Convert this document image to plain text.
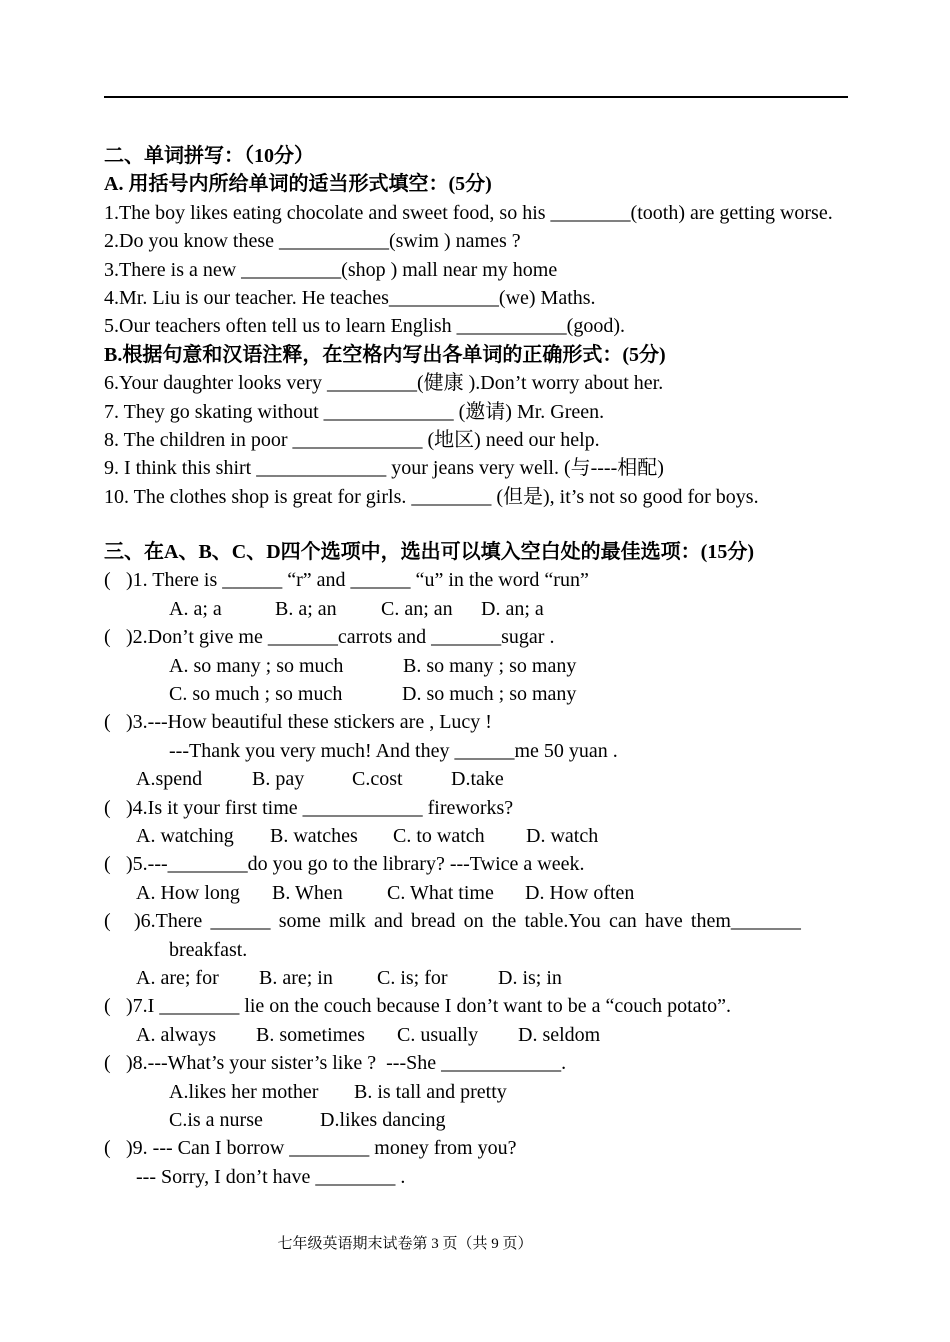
二、单词拼写：（10分）
A. 用括号内所给单词的适当形式填空：(5分)
1.The boy likes eating chocolate and sweet food, so his ________(tooth) are getting worse.
2.Do you know these ___________(swim ) names ?
3.There is a new __________(shop ) mall near my home
4.Mr. Liu is our teacher. He teaches___________(we) Maths.
5.Our teachers often tell us to learn English ___________(good).
B.根据句意和汉语注释，在空格内写出各单词的正确形式：(5分)
6.Your daughter looks very _________(健康 ).Don’t worry about her.
7. They go skating without _____________ (邀请) Mr. Green.
8. The children in poor _____________ (地区) need our help.
9. I think this shirt _____________ your jeans very well. (与----相配)
10. The clothes shop is great for girls. ________ (但是), it’s not so good for boys.
三、在A、B、C、D四个选项中，选出可以填入空白处的最佳选项：(15分)
( )1. There is ______ “r” and ______ “u” in the word “run”
A. a; a	B. a; an C. an; an D. an; a
( )2.Don’t give me _______carrots and _______sugar .
A. so many ; so much	B. so many ; so many
C. so much ; so much	D. so much ; so many
( )3.---How beautiful these stickers are , Lucy !
---Thank you very much! And they ______me 50 yuan .
A.spend B. pay C.cost D.take
( )4.Is it your first time ____________ fireworks?
A. watching B. watches C. to watch D. watch
( )5.---________do you go to the library? ---Twice a week.
A. How long B. When C. What time D. How often
( )6.There ______ some milk and bread on the table.You can have them_______
breakfast.
A. are; for B. are; in C. is; for	D. is; in
( )7.I ________ lie on the couch because I don’t want to be a “couch potato”.
A. always B. sometimes C. usually D. seldom
( )8.---What’s your sister’s like ?  ---She ____________.
A.likes her mother B. is tall and pretty
C.is a nurse	D.likes dancing
( )9. --- Can I borrow ________ money from you?
--- Sorry, I don’t have ________ .
七年级英语期末试卷第 3 页（共 9 页）
